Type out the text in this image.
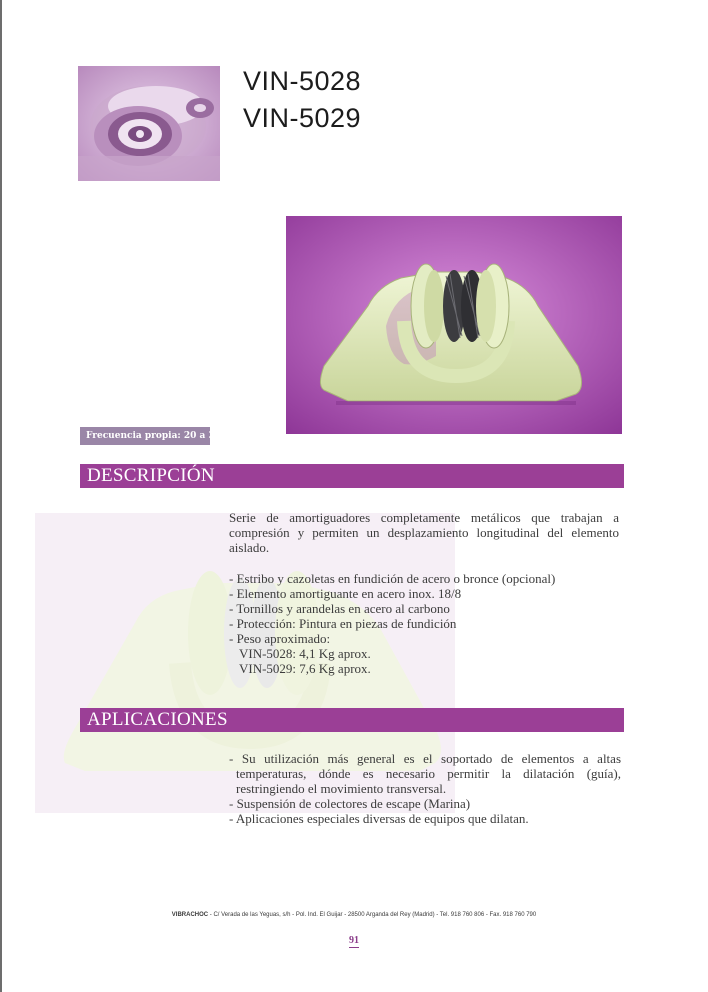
VIN-5028
VIN-5029
Frecuencia propia: 20 a 30 Hz
DESCRIPCIÓN

Serie de amortiguadores completamente metálicos que trabajan a compresión y permiten un desplazamiento longitudinal del elemento aislado.

- Estribo y cazoletas en fundición de acero o bronce (opcional)
- Elemento amortiguante en acero inox. 18/8
- Tornillos y arandelas en acero al carbono
- Protección: Pintura en piezas de fundición
- Peso aproximado:
VIN-5028: 4,1 Kg aprox.
VIN-5029: 7,6 Kg aprox.
APLICACIONES
- Su utilización más general es el soportado de elementos a altas temperaturas, dónde es necesario permitir la dilatación (guía), restringiendo el movimiento transversal.
- Suspensión de colectores de escape (Marina)
- Aplicaciones especiales diversas de equipos que dilatan.
VIBRACHOC - C/ Verada de las Yeguas, s/h - Pol. Ind. El Guijar - 28500 Arganda del Rey (Madrid) - Tel. 918 760 806 - Fax. 918 760 790
91
